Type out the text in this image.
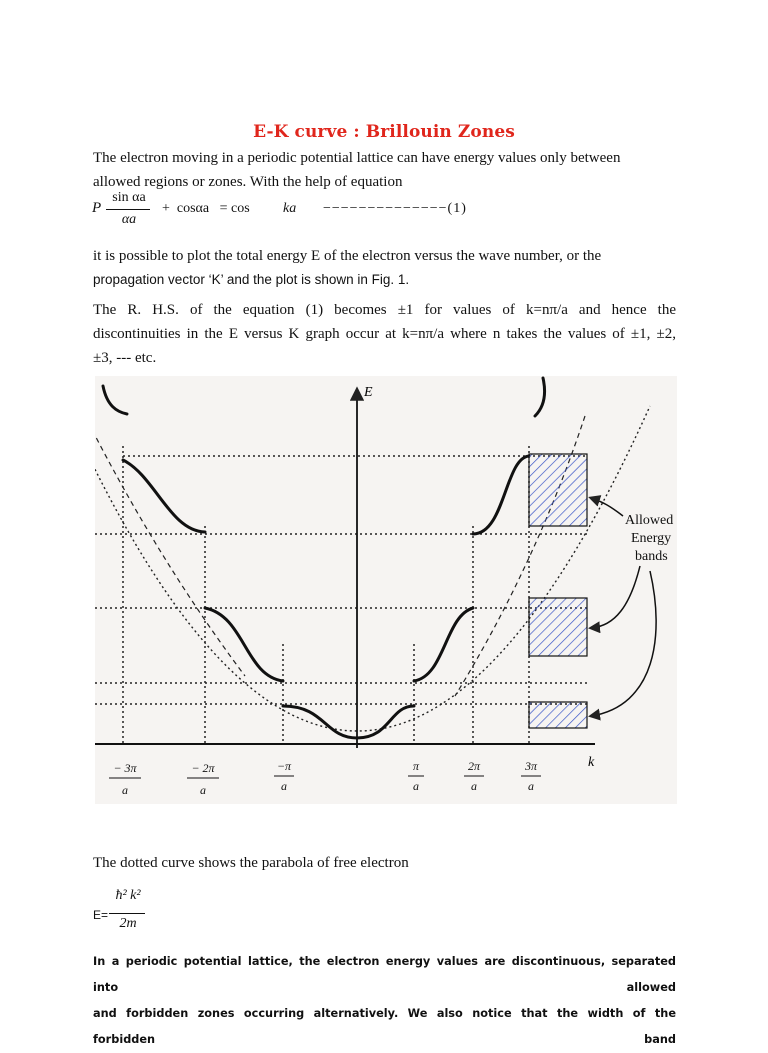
E-K curve : Brillouin Zones
The electron moving in a periodic potential lattice can have energy values only between
allowed regions or zones. With the help of equation
P
sin αa
αa
+  cosαa   = cos ka −−−−−−−−−−−−−−(1)
it is possible to plot the total energy E of the electron versus the wave number, or the
propagation vector ‘K’ and the plot is shown in Fig. 1.
The R. H.S. of the equation (1) becomes ±1 for values of k=nπ/a and hence the
discontinuities in the E versus K graph occur at k=nπ/a where n takes the values of ±1, ±2,
±3, --- etc.
E
k
Allowed
Energy
bands
− 3π
a
− 2π
a
−π
a
π
a
2π
a
3π
a
The dotted curve shows the parabola of free electron
E=
ħ² k²
2m
In a periodic potential lattice, the electron energy values are discontinuous, separated into allowed
and forbidden zones occurring alternatively. We also notice that the width of the forbidden band
